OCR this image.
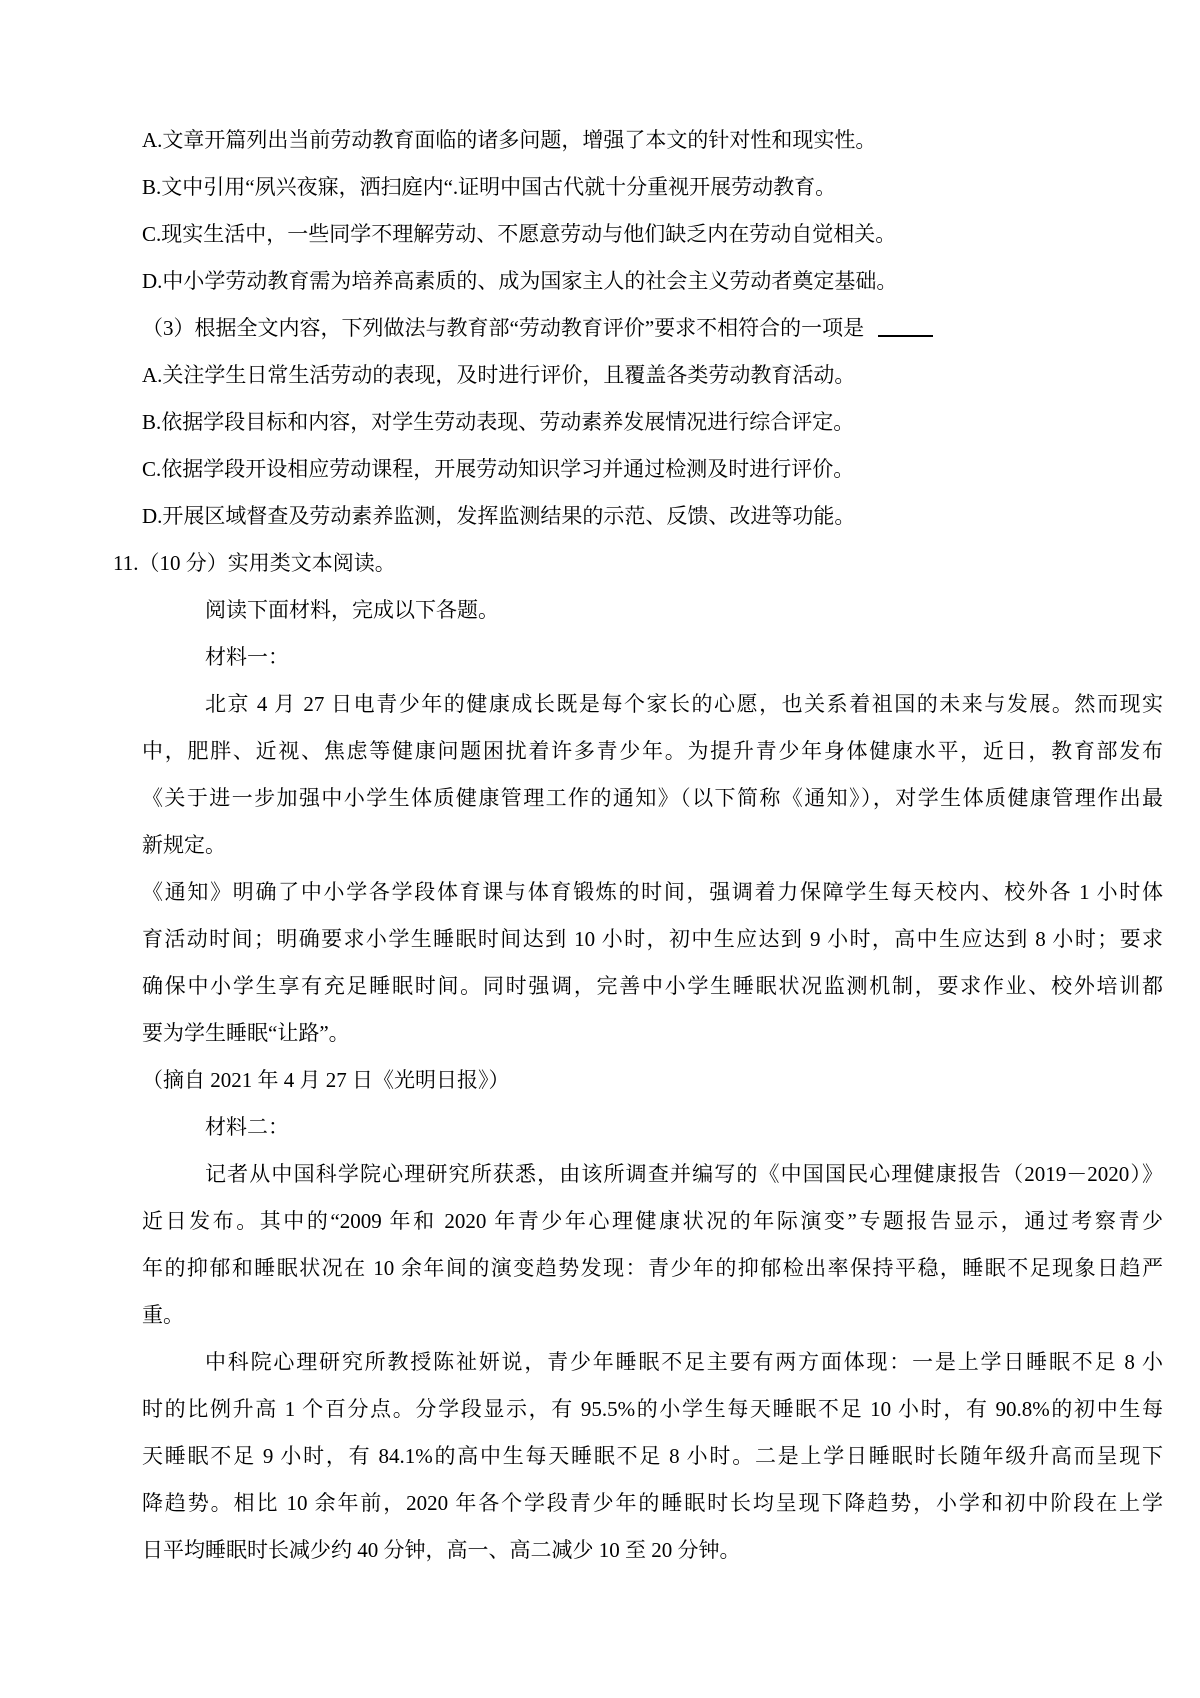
A.文章开篇列出当前劳动教育面临的诸多问题，增强了本文的针对性和现实性。
B.文中引用“夙兴夜寐，洒扫庭内“.证明中国古代就十分重视开展劳动教育。
C.现实生活中，一些同学不理解劳动、不愿意劳动与他们缺乏内在劳动自觉相关。
D.中小学劳动教育需为培养高素质的、成为国家主人的社会主义劳动者奠定基础。
（3）根据全文内容，下列做法与教育部“劳动教育评价”要求不相符合的一项是
A.关注学生日常生活劳动的表现，及时进行评价，且覆盖各类劳动教育活动。
B.依据学段目标和内容，对学生劳动表现、劳动素养发展情况进行综合评定。
C.依据学段开设相应劳动课程，开展劳动知识学习并通过检测及时进行评价。
D.开展区域督查及劳动素养监测，发挥监测结果的示范、反馈、改进等功能。
11.（10 分）实用类文本阅读。
阅读下面材料，完成以下各题。
材料一：
北京 4 月 27 日电青少年的健康成长既是每个家长的心愿，也关系着祖国的未来与发展。然而现实
中，肥胖、近视、焦虑等健康问题困扰着许多青少年。为提升青少年身体健康水平，近日，教育部发布
《关于进一步加强中小学生体质健康管理工作的通知》（以下简称《通知》），对学生体质健康管理作出最
新规定。
《通知》明确了中小学各学段体育课与体育锻炼的时间，强调着力保障学生每天校内、校外各 1 小时体
育活动时间；明确要求小学生睡眠时间达到 10 小时，初中生应达到 9 小时，高中生应达到 8 小时；要求
确保中小学生享有充足睡眠时间。同时强调，完善中小学生睡眠状况监测机制，要求作业、校外培训都
要为学生睡眠“让路”。
（摘自 2021 年 4 月 27 日《光明日报》）
材料二：
记者从中国科学院心理研究所获悉，由该所调查并编写的《中国国民心理健康报告（2019－2020）》
近日发布。其中的“2009 年和 2020 年青少年心理健康状况的年际演变”专题报告显示，通过考察青少
年的抑郁和睡眠状况在 10 余年间的演变趋势发现：青少年的抑郁检出率保持平稳，睡眠不足现象日趋严
重。
中科院心理研究所教授陈祉妍说，青少年睡眠不足主要有两方面体现：一是上学日睡眠不足 8 小
时的比例升高 1 个百分点。分学段显示，有 95.5%的小学生每天睡眠不足 10 小时，有 90.8%的初中生每
天睡眠不足 9 小时，有 84.1%的高中生每天睡眠不足 8 小时。二是上学日睡眠时长随年级升高而呈现下
降趋势。相比 10 余年前，2020 年各个学段青少年的睡眠时长均呈现下降趋势，小学和初中阶段在上学
日平均睡眠时长减少约 40 分钟，高一、高二减少 10 至 20 分钟。
